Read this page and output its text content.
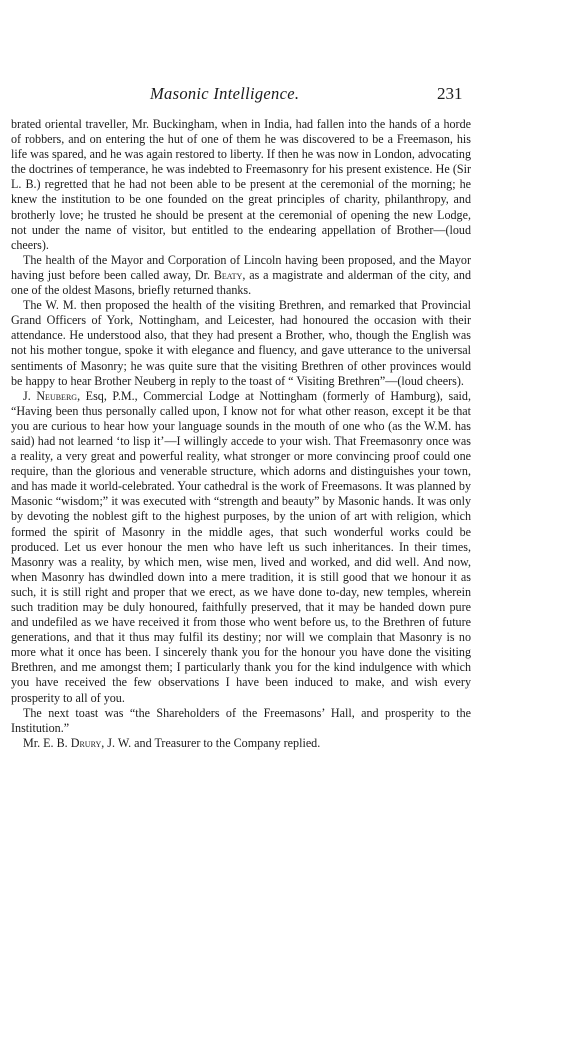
Masonic Intelligence.	231

brated oriental traveller, Mr. Buckingham, when in India, had fallen into the hands of a horde of robbers, and on entering the hut of one of them he was discovered to be a Freemason, his life was spared, and he was again restored to liberty. If then he was now in London, advocating the doctrines of temperance, he was indebted to Freemasonry for his present existence. He (Sir L. B.) regretted that he had not been able to be present at the ceremonial of the morning; he knew the institution to be one founded on the great principles of charity, philanthropy, and brotherly love; he trusted he should be present at the ceremonial of opening the new Lodge, not under the name of visitor, but entitled to the endearing appellation of Brother—(loud cheers).

The health of the Mayor and Corporation of Lincoln having been proposed, and the Mayor having just before been called away, Dr. Beaty, as a magistrate and alderman of the city, and one of the oldest Masons, briefly returned thanks.

The W. M. then proposed the health of the visiting Brethren, and remarked that Provincial Grand Officers of York, Nottingham, and Leicester, had honoured the occasion with their attendance. He understood also, that they had present a Brother, who, though the English was not his mother tongue, spoke it with elegance and fluency, and gave utterance to the universal sentiments of Masonry; he was quite sure that the visiting Brethren of other provinces would be happy to hear Brother Neuberg in reply to the toast of “ Visiting Brethren”—(loud cheers).

J. Neuberg, Esq, P.M., Commercial Lodge at Nottingham (formerly of Hamburg), said, “Having been thus personally called upon, I know not for what other reason, except it be that you are curious to hear how your language sounds in the mouth of one who (as the W.M. has said) had not learned ‘to lisp it’—I willingly accede to your wish. That Freemasonry once was a reality, a very great and powerful reality, what stronger or more convincing proof could one require, than the glorious and venerable structure, which adorns and distinguishes your town, and has made it world-celebrated. Your cathedral is the work of Freemasons. It was planned by Masonic “wisdom;” it was executed with “strength and beauty” by Masonic hands. It was only by devoting the noblest gift to the highest purposes, by the union of art with religion, which formed the spirit of Masonry in the middle ages, that such wonderful works could be produced. Let us ever honour the men who have left us such inheritances. In their times, Masonry was a reality, by which men, wise men, lived and worked, and did well. And now, when Masonry has dwindled down into a mere tradition, it is still good that we honour it as such, it is still right and proper that we erect, as we have done to-day, new temples, wherein such tradition may be duly honoured, faithfully preserved, that it may be handed down pure and undefiled as we have received it from those who went before us, to the Brethren of future generations, and that it thus may fulfil its destiny; nor will we complain that Masonry is no more what it once has been. I sincerely thank you for the honour you have done the visiting Brethren, and me amongst them; I particularly thank you for the kind indulgence with which you have received the few observations I have been induced to make, and wish every prosperity to all of you.

The next toast was “the Shareholders of the Freemasons’ Hall, and prosperity to the Institution.”

Mr. E. B. Drury, J. W. and Treasurer to the Company replied.
